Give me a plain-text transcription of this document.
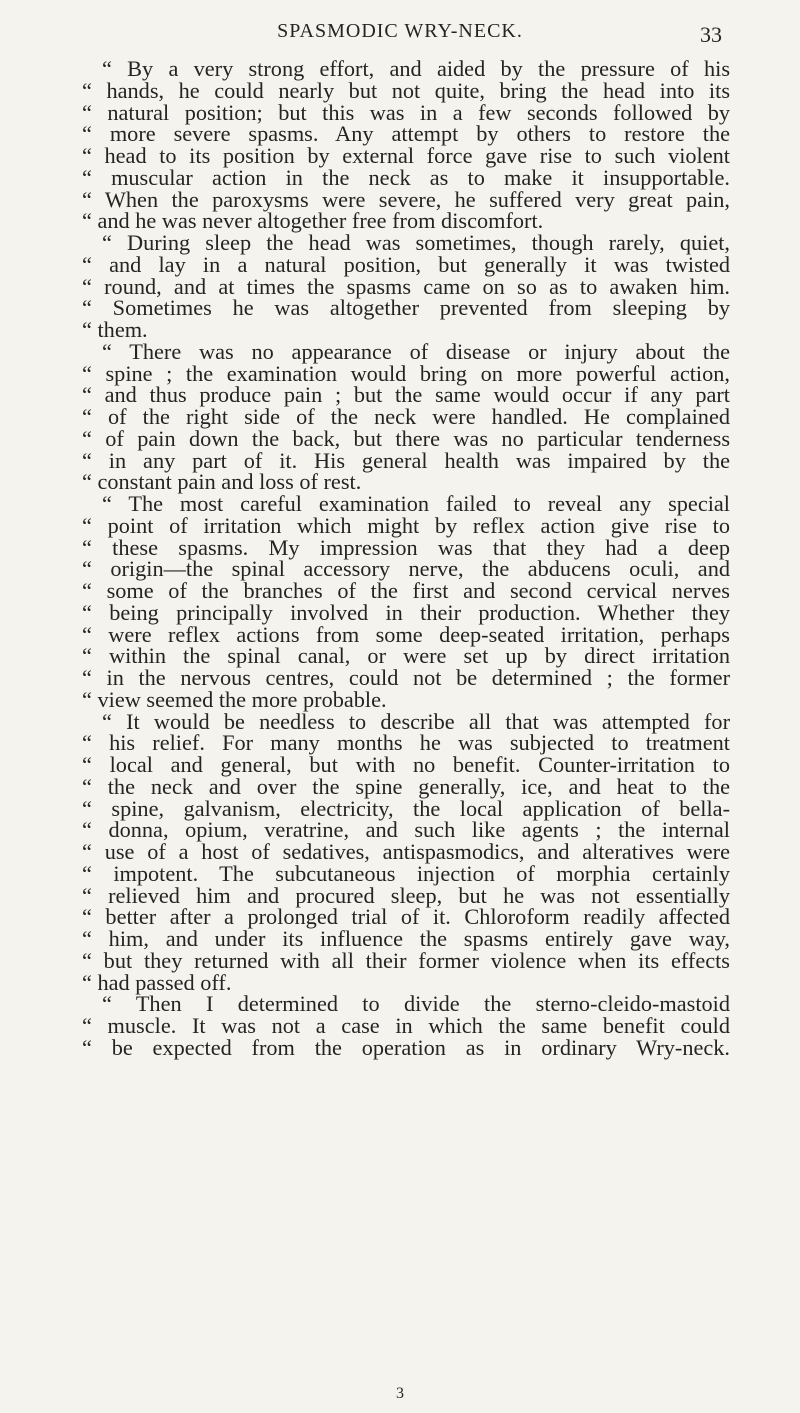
SPASMODIC WRY-NECK.	33
“ By a very strong effort, and aided by the pressure of his
“ hands, he could nearly but not quite, bring the head into its
“ natural position; but this was in a few seconds followed by
“ more severe spasms. Any attempt by others to restore the
“ head to its position by external force gave rise to such violent
“ muscular action in the neck as to make it insupportable.
“ When the paroxysms were severe, he suffered very great pain,
“ and he was never altogether free from discomfort.
“ During sleep the head was sometimes, though rarely, quiet,
“ and lay in a natural position, but generally it was twisted
“ round, and at times the spasms came on so as to awaken him.
“ Sometimes he was altogether prevented from sleeping by
“ them.
“ There was no appearance of disease or injury about the
“ spine ; the examination would bring on more powerful action,
“ and thus produce pain ; but the same would occur if any part
“ of the right side of the neck were handled. He complained
“ of pain down the back, but there was no particular tenderness
“ in any part of it. His general health was impaired by the
“ constant pain and loss of rest.
“ The most careful examination failed to reveal any special
“ point of irritation which might by reflex action give rise to
“ these spasms. My impression was that they had a deep
“ origin—the spinal accessory nerve, the abducens oculi, and
“ some of the branches of the first and second cervical nerves
“ being principally involved in their production. Whether they
“ were reflex actions from some deep-seated irritation, perhaps
“ within the spinal canal, or were set up by direct irritation
“ in the nervous centres, could not be determined ; the former
“ view seemed the more probable.
“ It would be needless to describe all that was attempted for
“ his relief. For many months he was subjected to treatment
“ local and general, but with no benefit. Counter-irritation to
“ the neck and over the spine generally, ice, and heat to the
“ spine, galvanism, electricity, the local application of bella-
“ donna, opium, veratrine, and such like agents ; the internal
“ use of a host of sedatives, antispasmodics, and alteratives were
“ impotent. The subcutaneous injection of morphia certainly
“ relieved him and procured sleep, but he was not essentially
“ better after a prolonged trial of it. Chloroform readily affected
“ him, and under its influence the spasms entirely gave way,
“ but they returned with all their former violence when its effects
“ had passed off.
“ Then I determined to divide the sterno-cleido-mastoid
“ muscle. It was not a case in which the same benefit could
“ be expected from the operation as in ordinary Wry-neck.
3
